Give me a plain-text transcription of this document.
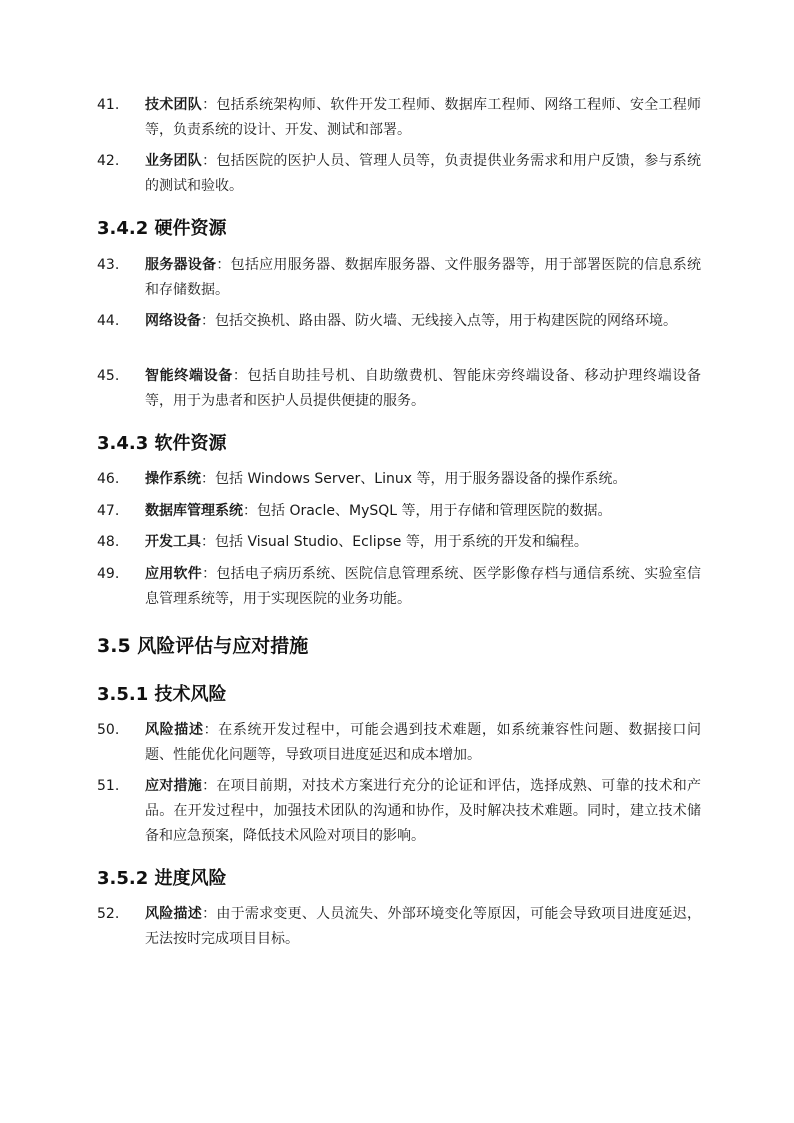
41.	技术团队：包括系统架构师、软件开发工程师、数据库工程师、网络工程师、安全工程师等，负责系统的设计、开发、测试和部署。
42.	业务团队：包括医院的医护人员、管理人员等，负责提供业务需求和用户反馈，参与系统的测试和验收。
3.4.2 硬件资源
43.	服务器设备：包括应用服务器、数据库服务器、文件服务器等，用于部署医院的信息系统和存储数据。
44.	网络设备：包括交换机、路由器、防火墙、无线接入点等，用于构建医院的网络环境。
45.	智能终端设备：包括自助挂号机、自助缴费机、智能床旁终端设备、移动护理终端设备等，用于为患者和医护人员提供便捷的服务。
3.4.3 软件资源
46.	操作系统：包括 Windows Server、Linux 等，用于服务器设备的操作系统。
47.	数据库管理系统：包括 Oracle、MySQL 等，用于存储和管理医院的数据。
48.	开发工具：包括 Visual Studio、Eclipse 等，用于系统的开发和编程。
49.	应用软件：包括电子病历系统、医院信息管理系统、医学影像存档与通信系统、实验室信息管理系统等，用于实现医院的业务功能。
3.5 风险评估与应对措施
3.5.1 技术风险
50.	风险描述：在系统开发过程中，可能会遇到技术难题，如系统兼容性问题、数据接口问题、性能优化问题等，导致项目进度延迟和成本增加。
51.	应对措施：在项目前期，对技术方案进行充分的论证和评估，选择成熟、可靠的技术和产品。在开发过程中，加强技术团队的沟通和协作，及时解决技术难题。同时，建立技术储备和应急预案，降低技术风险对项目的影响。
3.5.2 进度风险
52.	风险描述：由于需求变更、人员流失、外部环境变化等原因，可能会导致项目进度延迟，无法按时完成项目目标。
